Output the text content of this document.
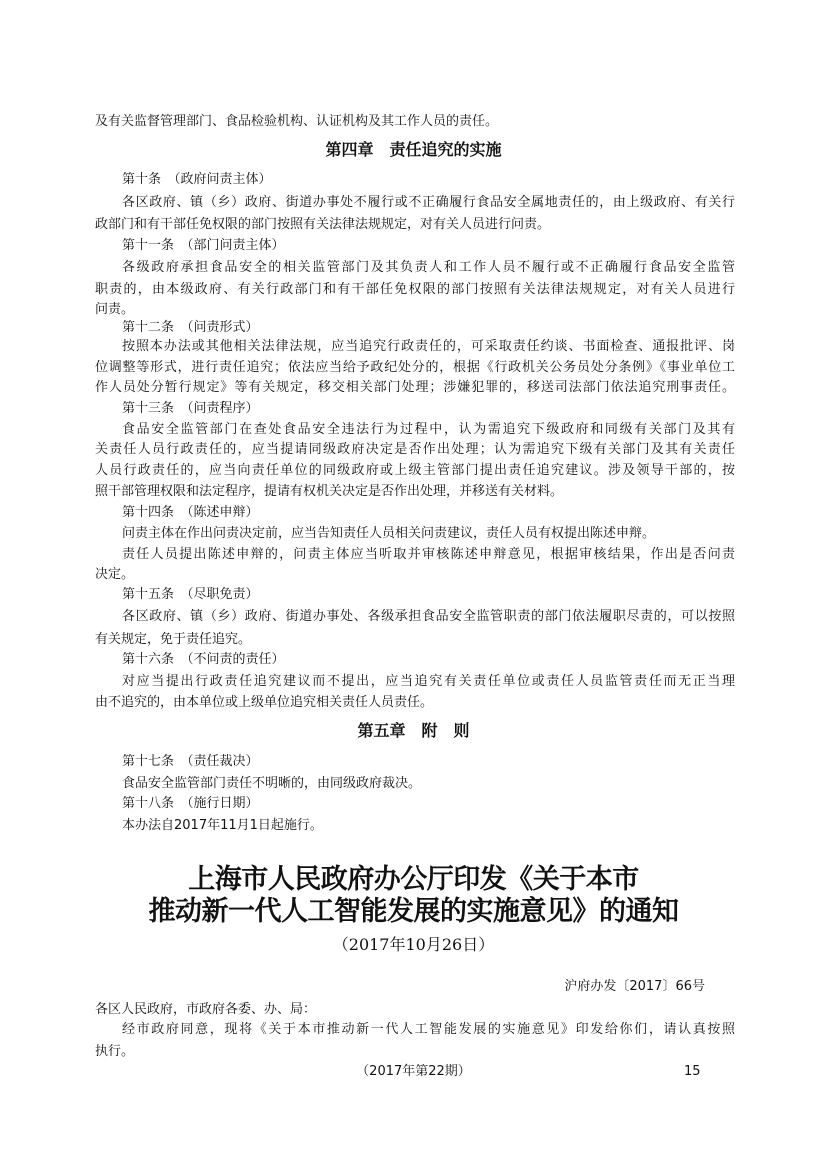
及有关监督管理部门、食品检验机构、认证机构及其工作人员的责任。
第四章　责任追究的实施
第十条　（政府问责主体）
各区政府、镇（乡）政府、街道办事处不履行或不正确履行食品安全属地责任的，由上级政府、有关行
政部门和有干部任免权限的部门按照有关法律法规规定，对有关人员进行问责。
第十一条　（部门问责主体）
各级政府承担食品安全的相关监管部门及其负责人和工作人员不履行或不正确履行食品安全监管
职责的，由本级政府、有关行政部门和有干部任免权限的部门按照有关法律法规规定，对有关人员进行
问责。
第十二条　（问责形式）
按照本办法或其他相关法律法规，应当追究行政责任的，可采取责任约谈、书面检查、通报批评、岗
位调整等形式，进行责任追究；依法应当给予政纪处分的，根据《行政机关公务员处分条例》《事业单位工
作人员处分暂行规定》等有关规定，移交相关部门处理；涉嫌犯罪的，移送司法部门依法追究刑事责任。
第十三条　（问责程序）
食品安全监管部门在查处食品安全违法行为过程中，认为需追究下级政府和同级有关部门及其有
关责任人员行政责任的，应当提请同级政府决定是否作出处理；认为需追究下级有关部门及其有关责任
人员行政责任的，应当向责任单位的同级政府或上级主管部门提出责任追究建议。涉及领导干部的，按
照干部管理权限和法定程序，提请有权机关决定是否作出处理，并移送有关材料。
第十四条　（陈述申辩）
问责主体在作出问责决定前，应当告知责任人员相关问责建议，责任人员有权提出陈述申辩。
责任人员提出陈述申辩的，问责主体应当听取并审核陈述申辩意见，根据审核结果，作出是否问责
决定。
第十五条　（尽职免责）
各区政府、镇（乡）政府、街道办事处、各级承担食品安全监管职责的部门依法履职尽责的，可以按照
有关规定，免于责任追究。
第十六条　（不问责的责任）
对应当提出行政责任追究建议而不提出，应当追究有关责任单位或责任人员监管责任而无正当理
由不追究的，由本单位或上级单位追究相关责任人员责任。
第五章　附　则
第十七条　（责任裁决）
食品安全监管部门责任不明晰的，由同级政府裁决。
第十八条　（施行日期）
本办法自2017年11月1日起施行。
上海市人民政府办公厅印发《关于本市
推动新一代人工智能发展的实施意见》的通知
（2017年10月26日）
沪府办发〔2017〕66号
各区人民政府，市政府各委、办、局：
经市政府同意，现将《关于本市推动新一代人工智能发展的实施意见》印发给你们，请认真按照
执行。
（2017年第22期）	15
